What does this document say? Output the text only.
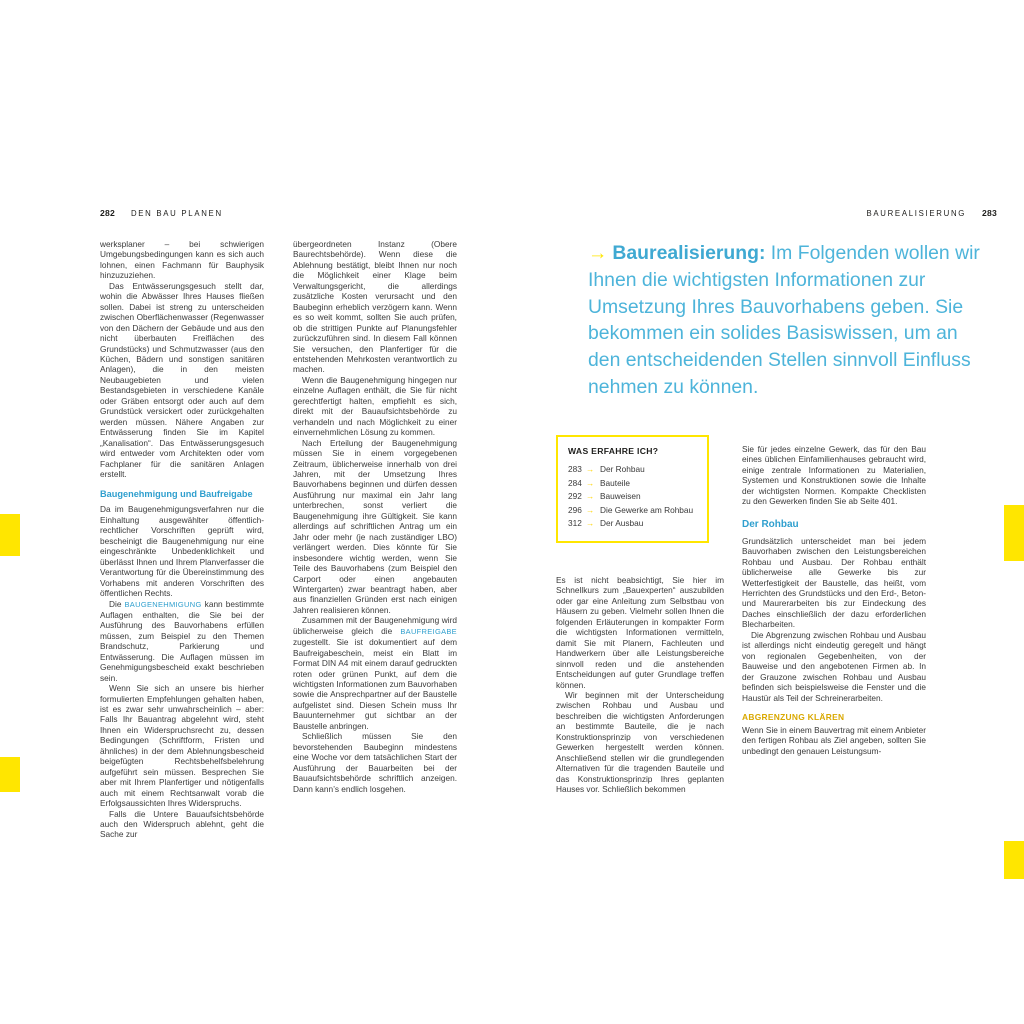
282 DEN BAU PLANEN	BAUREALISIERUNG 283

werksplaner – bei schwierigen Umgebungsbedingungen kann es sich auch lohnen, einen Fachmann für Bauphysik hinzuzuziehen.

Das Entwässerungsgesuch stellt dar, wohin die Abwässer Ihres Hauses fließen sollen. Dabei ist streng zu unterscheiden zwischen Oberflächenwasser (Regenwasser von den Dächern der Gebäude und aus den nicht überbauten Freiflächen des Grundstücks) und Schmutzwasser (aus den Küchen, Bädern und sonstigen sanitären Anlagen), die in den meisten Neubaugebieten und vielen Bestandsgebieten in verschiedene Kanäle oder Gräben entsorgt oder auch auf dem Grundstück versickert oder zurückgehalten werden müssen. Nähere Angaben zur Entwässerung finden Sie im Kapitel „Kanalisation“. Das Entwässerungsgesuch wird entweder vom Architekten oder vom Fachplaner für die sanitären Anlagen erstellt.

Baugenehmigung und Baufreigabe

Da im Baugenehmigungsverfahren nur die Einhaltung ausgewählter öffentlich-rechtlicher Vorschriften geprüft wird, bescheinigt die Baugenehmigung nur eine eingeschränkte Unbedenklichkeit und überlässt Ihnen und Ihrem Planverfasser die Verantwortung für die Übereinstimmung des Vorhabens mit anderen Vorschriften des öffentlichen Rechts.

Die BAUGENEHMIGUNG kann bestimmte Auflagen enthalten, die Sie bei der Ausführung des Bauvorhabens erfüllen müssen, zum Beispiel zu den Themen Brandschutz, Parkierung und Entwässerung. Die Auflagen müssen im Genehmigungsbescheid exakt beschrieben sein.

Wenn Sie sich an unsere bis hierher formulierten Empfehlungen gehalten haben, ist es zwar sehr unwahrscheinlich – aber: Falls Ihr Bauantrag abgelehnt wird, steht Ihnen ein Widerspruchsrecht zu, dessen Bedingungen (Schriftform, Fristen und ähnliches) in der dem Ablehnungsbescheid beigefügten Rechtsbehelfsbelehrung aufgeführt sein müssen. Besprechen Sie aber mit Ihrem Planfertiger und nötigenfalls auch mit einem Rechtsanwalt vorab die Erfolgsaussichten Ihres Widerspruchs.

Falls die Untere Bauaufsichtsbehörde auch den Widerspruch ablehnt, geht die Sache zur

übergeordneten Instanz (Obere Baurechtsbehörde). Wenn diese die Ablehnung bestätigt, bleibt Ihnen nur noch die Möglichkeit einer Klage beim Verwaltungsgericht, die allerdings zusätzliche Kosten verursacht und den Baubeginn erheblich verzögern kann. Wenn es so weit kommt, sollten Sie auch prüfen, ob die strittigen Punkte auf Planungsfehler zurückzuführen sind. In diesem Fall können Sie versuchen, den Planfertiger für die entstehenden Mehrkosten verantwortlich zu machen.

Wenn die Baugenehmigung hingegen nur einzelne Auflagen enthält, die Sie für nicht gerechtfertigt halten, empfiehlt es sich, direkt mit der Bauaufsichtsbehörde zu verhandeln und nach Möglichkeit zu einer einvernehmlichen Lösung zu kommen.

Nach Erteilung der Baugenehmigung müssen Sie in einem vorgegebenen Zeitraum, üblicherweise innerhalb von drei Jahren, mit der Umsetzung Ihres Bauvorhabens beginnen und dürfen dessen Ausführung nur maximal ein Jahr lang unterbrechen, sonst verliert die Baugenehmigung ihre Gültigkeit. Sie kann allerdings auf schriftlichen Antrag um ein Jahr oder mehr (je nach zuständiger LBO) verlängert werden. Dies könnte für Sie insbesondere wichtig werden, wenn Sie Teile des Bauvorhabens (zum Beispiel den Carport oder einen angebauten Wintergarten) zwar beantragt haben, aber aus finanziellen Gründen erst nach einigen Jahren realisieren können.

Zusammen mit der Baugenehmigung wird üblicherweise gleich die BAUFREIGABE zugestellt. Sie ist dokumentiert auf dem Baufreigabeschein, meist ein Blatt im Format DIN A4 mit einem darauf gedruckten roten oder grünen Punkt, auf dem die wichtigsten Informationen zum Bauvorhaben sowie die Ansprechpartner auf der Baustelle aufgelistet sind. Diesen Schein muss Ihr Bauunternehmer gut sichtbar an der Baustelle anbringen.

Schließlich müssen Sie den bevorstehenden Baubeginn mindestens eine Woche vor dem tatsächlichen Start der Ausführung der Bauarbeiten bei der Bauaufsichtsbehörde schriftlich anzeigen. Dann kann’s endlich losgehen.

→ Baurealisierung: Im Folgenden wollen wir Ihnen die wichtigsten Informationen zur Umsetzung Ihres Bauvorhabens geben. Sie bekommen ein solides Basiswissen, um an den entscheidenden Stellen sinnvoll Einfluss nehmen zu können.
WAS ERFAHRE ICH?
283 → Der Rohbau
284 → Bauteile
292 → Bauweisen
296 → Die Gewerke am Rohbau
312 → Der Ausbau

Es ist nicht beabsichtigt, Sie hier im Schnellkurs zum „Bauexperten“ auszubilden oder gar eine Anleitung zum Selbstbau von Häusern zu geben. Vielmehr sollen Ihnen die folgenden Erläuterungen in kompakter Form die wichtigsten Informationen vermitteln, damit Sie mit Planern, Fachleuten und Handwerkern über alle Leistungsbereiche sinnvoll reden und die anstehenden Entscheidungen auf guter Grundlage treffen können.

Wir beginnen mit der Unterscheidung zwischen Rohbau und Ausbau und beschreiben die wichtigsten Anforderungen an bestimmte Bauteile, die je nach Konstruktionsprinzip von verschiedenen Gewerken hergestellt werden können. Anschließend stellen wir die grundlegenden Alternativen für die tragenden Bauteile und das Konstruktionsprinzip Ihres geplanten Hauses vor. Schließlich bekommen

Sie für jedes einzelne Gewerk, das für den Bau eines üblichen Einfamilienhauses gebraucht wird, einige zentrale Informationen zu Materialien, Systemen und Konstruktionen sowie die Inhalte der wichtigsten Normen. Kompakte Checklisten zu den Gewerken finden Sie ab Seite 401.

Der Rohbau

Grundsätzlich unterscheidet man bei jedem Bauvorhaben zwischen den Leistungsbereichen Rohbau und Ausbau. Der Rohbau enthält üblicherweise alle Gewerke bis zur Wetterfestigkeit der Baustelle, das heißt, vom Herrichten des Grundstücks und den Erd-, Beton- und Maurerarbeiten bis zur Eindeckung des Daches einschließlich der dazu erforderlichen Blecharbeiten.

Die Abgrenzung zwischen Rohbau und Ausbau ist allerdings nicht eindeutig geregelt und hängt von regionalen Gegebenheiten, von der Bauweise und den angebotenen Firmen ab. In der Grauzone zwischen Rohbau und Ausbau befinden sich beispielsweise die Fenster und die Haustür als Teil der Schreinerarbeiten.

ABGRENZUNG KLÄREN

Wenn Sie in einem Bauvertrag mit einem Anbieter den fertigen Rohbau als Ziel angeben, sollten Sie unbedingt den genauen Leistungsum-
